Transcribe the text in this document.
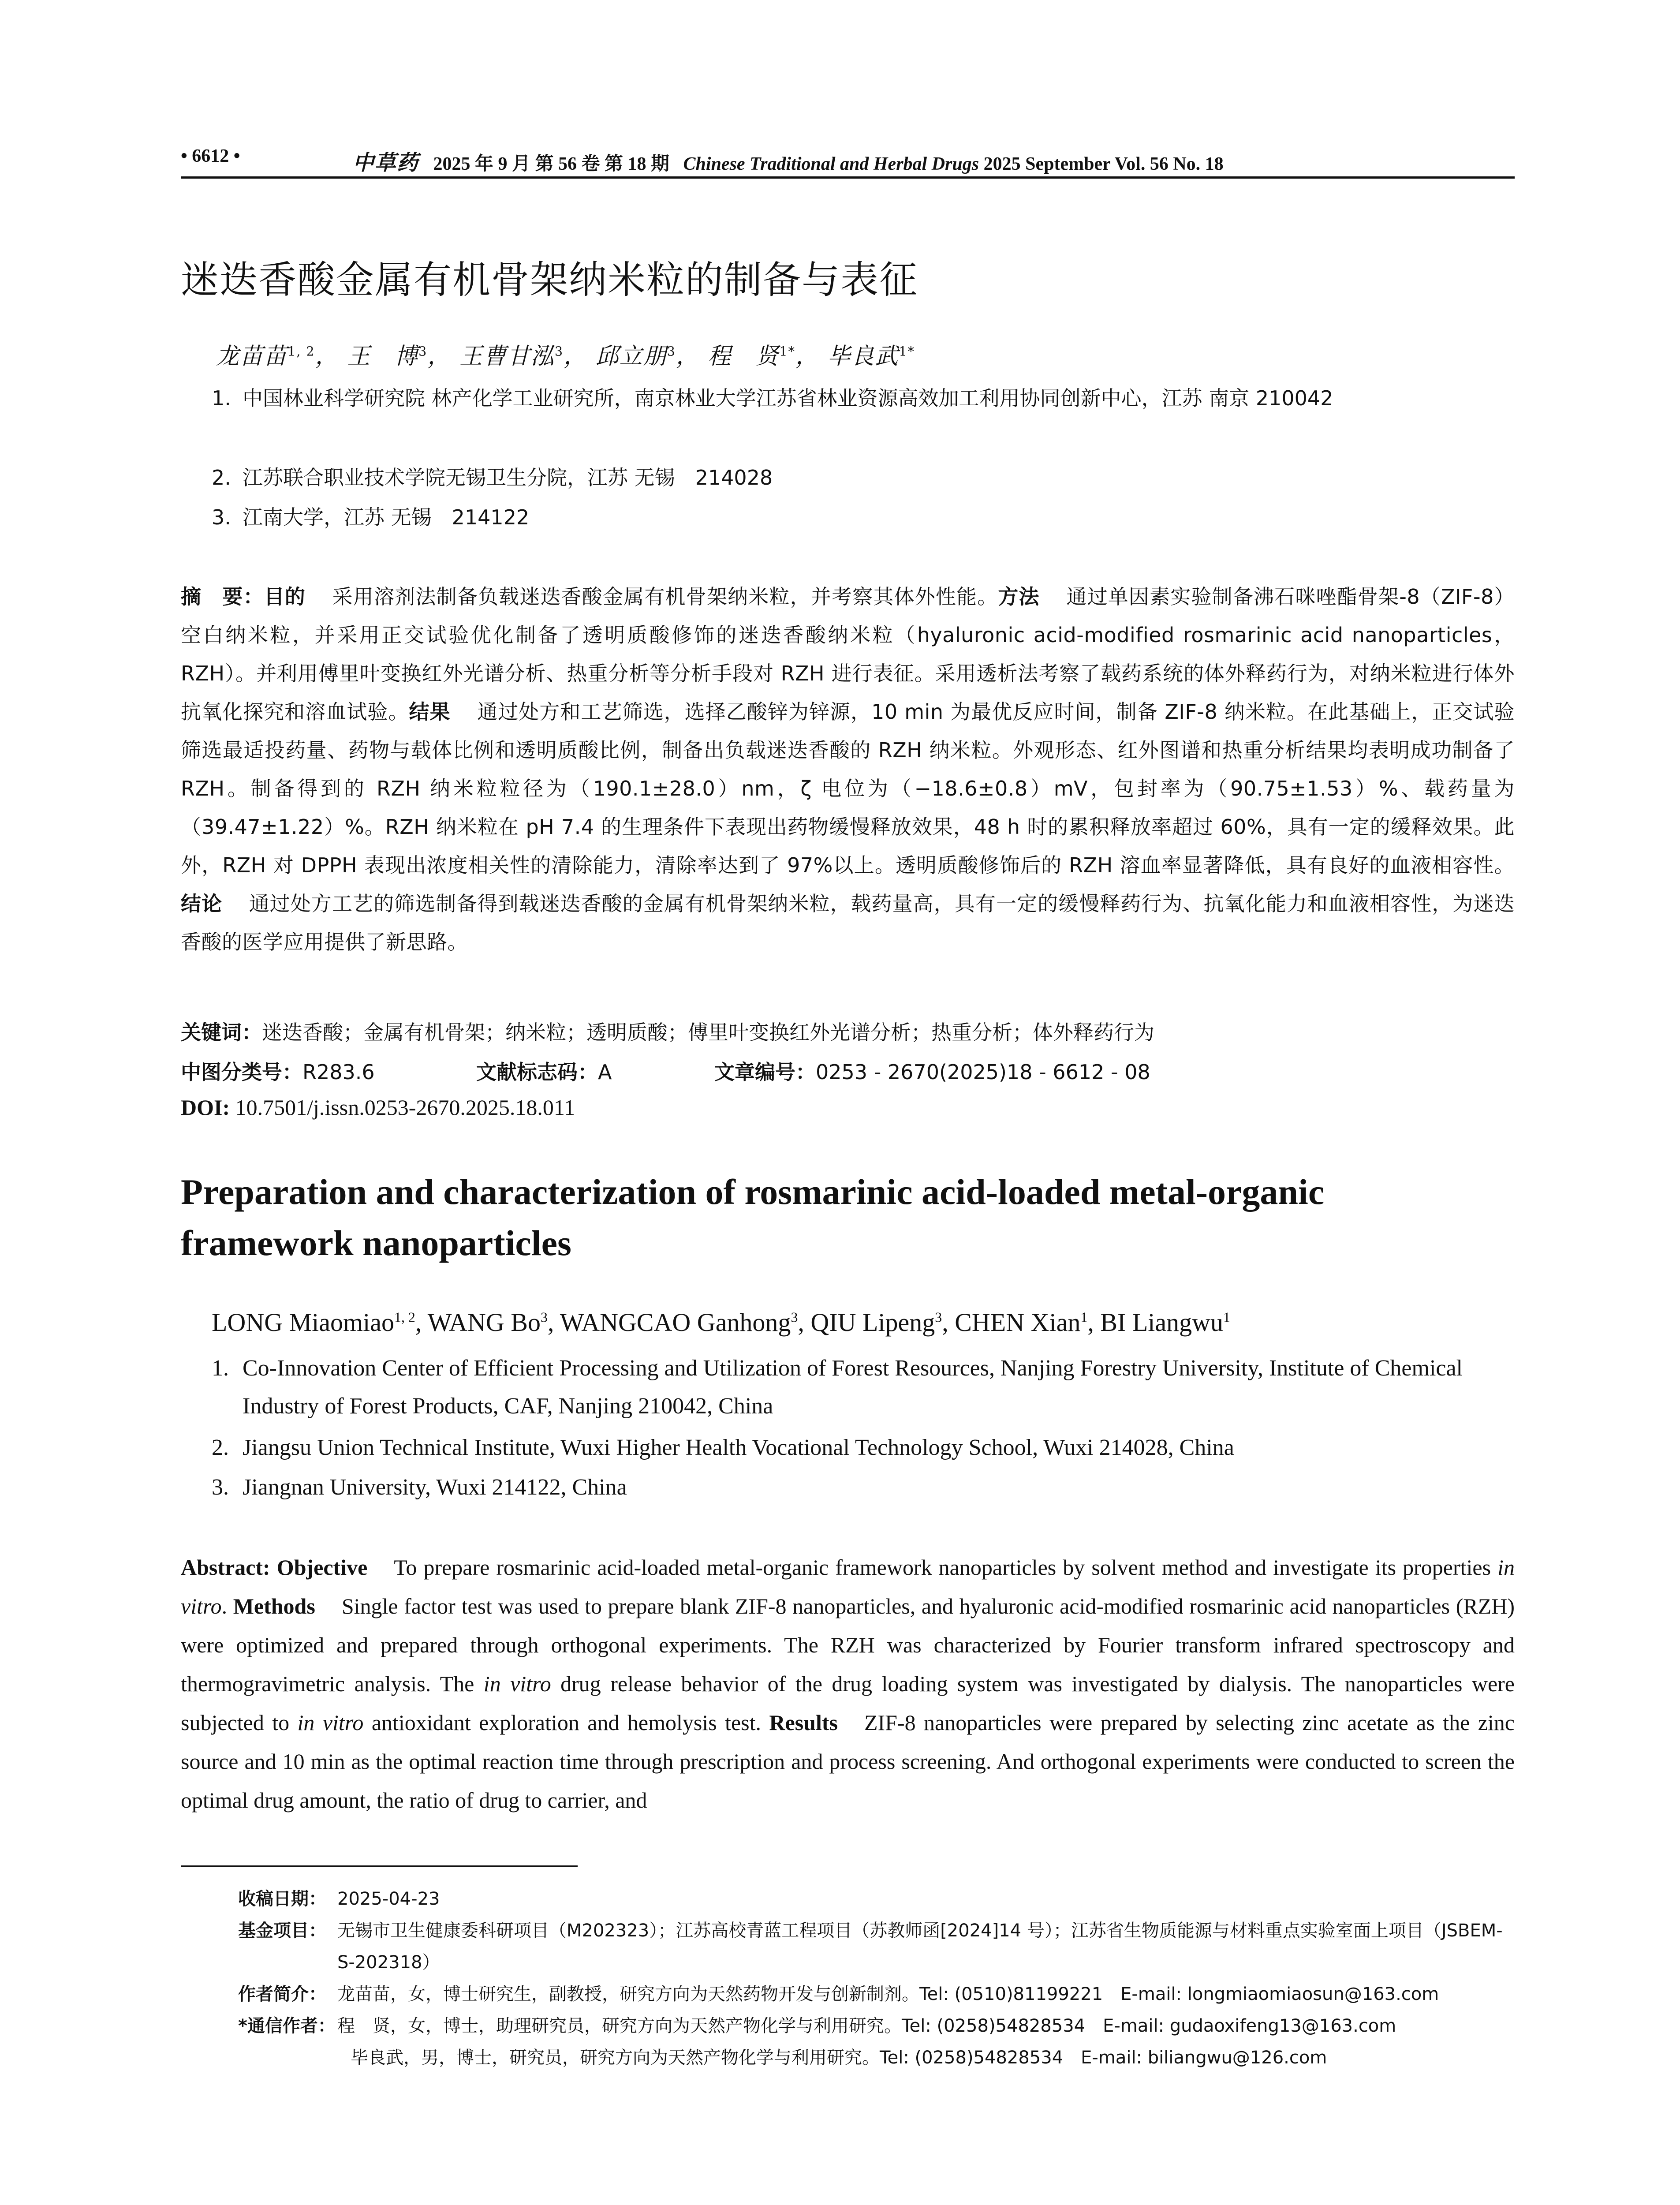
• 6612 •	中草药 2025 年 9 月 第 56 卷 第 18 期 Chinese Traditional and Herbal Drugs 2025 September Vol. 56 No. 18
迷迭香酸金属有机骨架纳米粒的制备与表征
龙苗苗$^{1, 2}$， 王　博$^3$， 王曹甘泓$^3$， 邱立朋$^3$， 程　贤$^{1*}$， 毕良武$^{1*}$
1. 中国林业科学研究院 林产化学工业研究所，南京林业大学江苏省林业资源高效加工利用协同创新中心，江苏 南京 210042
2. 江苏联合职业技术学院无锡卫生分院，江苏 无锡　214028
3. 江南大学，江苏 无锡　214122
摘　要：目的 采用溶剂法制备负载迷迭香酸金属有机骨架纳米粒，并考察其体外性能。方法 通过单因素实验制备沸石咪唑酯骨架-8（ZIF-8）空白纳米粒，并采用正交试验优化制备了透明质酸修饰的迷迭香酸纳米粒（hyaluronic acid-modified rosmarinic acid nanoparticles，RZH）。并利用傅里叶变换红外光谱分析、热重分析等分析手段对 RZH 进行表征。采用透析法考察了载药系统的体外释药行为，对纳米粒进行体外抗氧化探究和溶血试验。结果 通过处方和工艺筛选，选择乙酸锌为锌源，10 min 为最优反应时间，制备 ZIF-8 纳米粒。在此基础上，正交试验筛选最适投药量、药物与载体比例和透明质酸比例，制备出负载迷迭香酸的 RZH 纳米粒。外观形态、红外图谱和热重分析结果均表明成功制备了 RZH。制备得到的 RZH 纳米粒粒径为（190.1±28.0）nm，ζ 电位为（−18.6±0.8）mV，包封率为（90.75±1.53）%、载药量为（39.47±1.22）%。RZH 纳米粒在 pH 7.4 的生理条件下表现出药物缓慢释放效果，48 h 时的累积释放率超过 60%，具有一定的缓释效果。此外，RZH 对 DPPH 表现出浓度相关性的清除能力，清除率达到了 97%以上。透明质酸修饰后的 RZH 溶血率显著降低，具有良好的血液相容性。结论 通过处方工艺的筛选制备得到载迷迭香酸的金属有机骨架纳米粒，载药量高，具有一定的缓慢释药行为、抗氧化能力和血液相容性，为迷迭香酸的医学应用提供了新思路。
关键词：迷迭香酸；金属有机骨架；纳米粒；透明质酸；傅里叶变换红外光谱分析；热重分析；体外释药行为
中图分类号：R283.6	文献标志码：A	文章编号：0253 - 2670(2025)18 - 6612 - 08
DOI: 10.7501/j.issn.0253-2670.2025.18.011
Preparation and characterization of rosmarinic acid-loaded metal-organic framework nanoparticles
LONG Miaomiao$^{1, 2}$, WANG Bo$^3$, WANGCAO Ganhong$^3$, QIU Lipeng$^3$, CHEN Xian$^1$, BI Liangwu$^1$
1. Co-Innovation Center of Efficient Processing and Utilization of Forest Resources, Nanjing Forestry University, Institute of Chemical Industry of Forest Products, CAF, Nanjing 210042, China
2. Jiangsu Union Technical Institute, Wuxi Higher Health Vocational Technology School, Wuxi 214028, China
3. Jiangnan University, Wuxi 214122, China
Abstract: Objective To prepare rosmarinic acid-loaded metal-organic framework nanoparticles by solvent method and investigate its properties in vitro. Methods Single factor test was used to prepare blank ZIF-8 nanoparticles, and hyaluronic acid-modified rosmarinic acid nanoparticles (RZH) were optimized and prepared through orthogonal experiments. The RZH was characterized by Fourier transform infrared spectroscopy and thermogravimetric analysis. The in vitro drug release behavior of the drug loading system was investigated by dialysis. The nanoparticles were subjected to in vitro antioxidant exploration and hemolysis test. Results ZIF-8 nanoparticles were prepared by selecting zinc acetate as the zinc source and 10 min as the optimal reaction time through prescription and process screening. And orthogonal experiments were conducted to screen the optimal drug amount, the ratio of drug to carrier, and
收稿日期： 2025-04-23
基金项目： 无锡市卫生健康委科研项目（M202323）；江苏高校青蓝工程项目（苏教师函[2024]14 号）；江苏省生物质能源与材料重点实验室面上项目（JSBEM-S-202318）
作者简介： 龙苗苗，女，博士研究生，副教授，研究方向为天然药物开发与创新制剂。Tel: (0510)81199221　E-mail: longmiaomiaosun@163.com
*通信作者： 程　贤，女，博士，助理研究员，研究方向为天然产物化学与利用研究。Tel: (0258)54828534　E-mail: gudaoxifeng13@163.com
毕良武，男，博士，研究员，研究方向为天然产物化学与利用研究。Tel: (0258)54828534　E-mail: biliangwu@126.com
